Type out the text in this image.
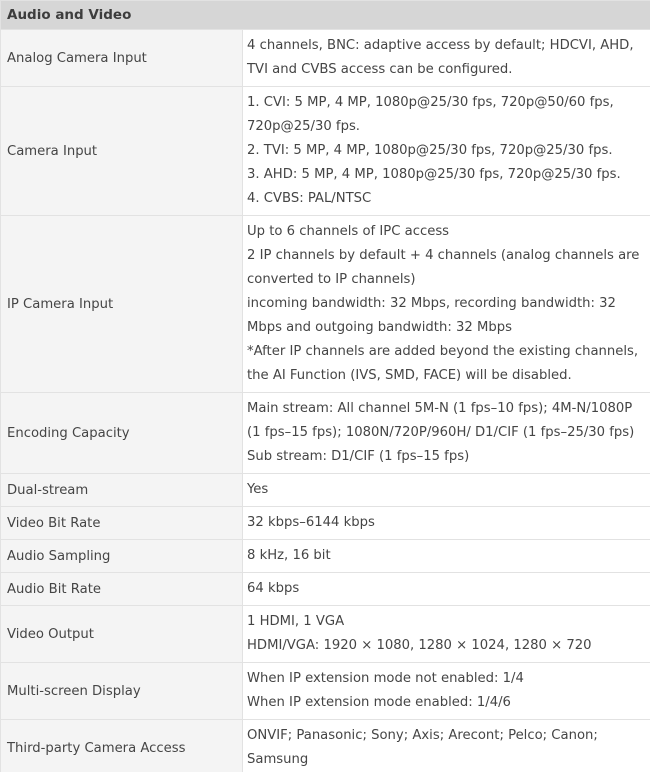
Audio and Video	
Analog Camera Input	4 channels, BNC: adaptive access by default; HDCVI, AHD, TVI and CVBS access can be configured.

Camera Input	1. CVI: 5 MP, 4 MP, 1080p@25/30 fps, 720p@50/60 fps, 720p@25/30 fps.
2. TVI: 5 MP, 4 MP, 1080p@25/30 fps, 720p@25/30 fps.
3. AHD: 5 MP, 4 MP, 1080p@25/30 fps, 720p@25/30 fps.
4. CVBS: PAL/NTSC

IP Camera Input	Up to 6 channels of IPC access
2 IP channels by default + 4 channels (analog channels are converted to IP channels)
incoming bandwidth: 32 Mbps, recording bandwidth: 32 Mbps and outgoing bandwidth: 32 Mbps
*After IP channels are added beyond the existing channels, the AI Function (IVS, SMD, FACE) will be disabled.

Encoding Capacity	Main stream: All channel 5M-N (1 fps–10 fps); 4M-N/1080P (1 fps–15 fps); 1080N/720P/960H/ D1/CIF (1 fps–25/30 fps)
Sub stream: D1/CIF (1 fps–15 fps)

Dual-stream	Yes

Video Bit Rate	32 kbps–6144 kbps

Audio Sampling	8 kHz, 16 bit

Audio Bit Rate	64 kbps

Video Output	1 HDMI, 1 VGA
HDMI/VGA: 1920 × 1080, 1280 × 1024, 1280 × 720

Multi-screen Display	When IP extension mode not enabled: 1/4
When IP extension mode enabled: 1/4/6

Third-party Camera Access	ONVIF; Panasonic; Sony; Axis; Arecont; Pelco; Canon; Samsung
